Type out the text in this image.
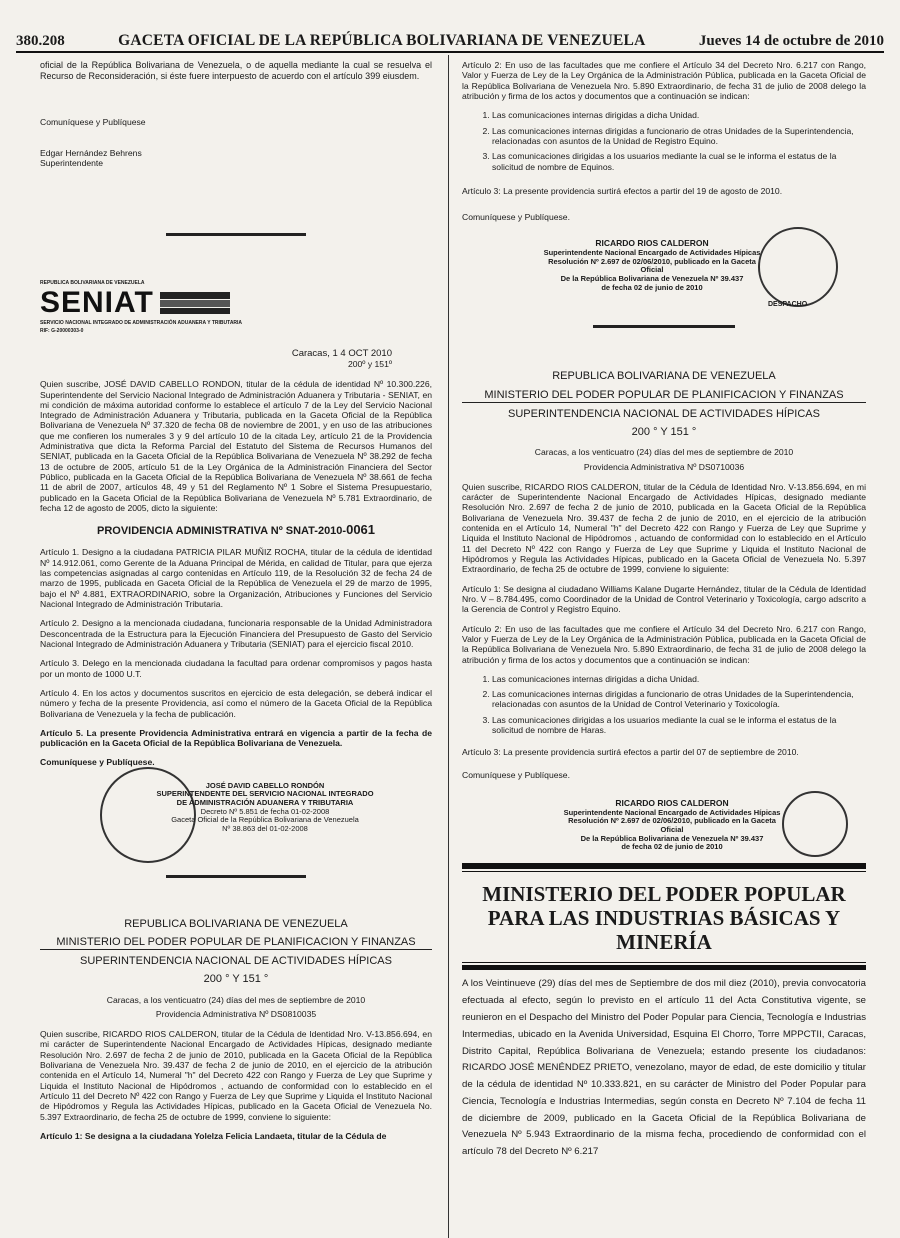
380.208	GACETA OFICIAL DE LA REPÚBLICA BOLIVARIANA DE VENEZUELA	Jueves 14 de octubre de 2010

oficial de la República Bolivariana de Venezuela, o de aquella mediante la cual se resuelva el Recurso de Reconsideración, si éste fuere interpuesto de acuerdo con el artículo 399 eiusdem.

Comuníquese y Publíquese

Edgar Hernández Behrens
Superintendente
REPUBLICA BOLIVARIANA DE VENEZUELA
SENIAT
SERVICIO NACIONAL INTEGRADO DE ADMINISTRACIÓN ADUANERA Y TRIBUTARIA
RIF: G-20000303-0
Caracas, 1 4 OCT 2010
200º y 151º

Quien suscribe, JOSÉ DAVID CABELLO RONDON, titular de la cédula de identidad Nº 10.300.226, Superintendente del Servicio Nacional Integrado de Administración Aduanera y Tributaria - SENIAT, en mi condición de máxima autoridad conforme lo establece el artículo 7 de la Ley del Servicio Nacional Integrado de Administración Aduanera y Tributaria, publicada en la Gaceta Oficial de la República Bolivariana de Venezuela Nº 37.320 de fecha 08 de noviembre de 2001, y en uso de las atribuciones que me confieren los numerales 3 y 9 del artículo 10 de la citada Ley, artículo 21 de la Providencia Administrativa que dicta la Reforma Parcial del Estatuto del Sistema de Recursos Humanos del SENIAT, publicada en la Gaceta Oficial de la República Bolivariana de Venezuela Nº 38.292 de fecha 13 de octubre de 2005, artículo 51 de la Ley Orgánica de la Administración Financiera del Sector Público, publicada en la Gaceta Oficial de la República Bolivariana de Venezuela Nº 38.661 de fecha 11 de abril de 2007, artículos 48, 49 y 51 del Reglamento Nº 1 Sobre el Sistema Presupuestario, publicado en la Gaceta Oficial de la República Bolivariana de Venezuela Nº 5.781 Extraordinario, de fecha 12 de agosto de 2005, dicto la siguiente:

PROVIDENCIA ADMINISTRATIVA Nº SNAT-2010-0061

Artículo 1. Designo a la ciudadana PATRICIA PILAR MUÑIZ ROCHA, titular de la cédula de identidad Nº 14.912.061, como Gerente de la Aduana Principal de Mérida, en calidad de Titular, para que ejerza las competencias asignadas al cargo contenidas en Artículo 119, de la Resolución 32 de fecha 24 de marzo de 1995, publicada en Gaceta Oficial de la República de Venezuela el 29 de marzo de 1995, bajo el Nº 4.881, EXTRAORDINARIO, sobre la Organización, Atribuciones y Funciones del Servicio Nacional Integrado de Administración Tributaria.

Artículo 2. Designo a la mencionada ciudadana, funcionaria responsable de la Unidad Administradora Desconcentrada de la Estructura para la Ejecución Financiera del Presupuesto de Gasto del Servicio Nacional Integrado de Administración Aduanera y Tributaria (SENIAT) para el ejercicio fiscal 2010.

Artículo 3. Delego en la mencionada ciudadana la facultad para ordenar compromisos y pagos hasta por un monto de 1000 U.T.

Artículo 4. En los actos y documentos suscritos en ejercicio de esta delegación, se deberá indicar el número y fecha de la presente Providencia, así como el número de la Gaceta Oficial de la República Bolivariana de Venezuela y la fecha de publicación.

Artículo 5. La presente Providencia Administrativa entrará en vigencia a partir de la fecha de publicación en la Gaceta Oficial de la República Bolivariana de Venezuela.

Comuníquese y Publíquese.

JOSÉ DAVID CABELLO RONDÓN
SUPERINTENDENTE DEL SERVICIO NACIONAL INTEGRADO
DE ADMINISTRACIÓN ADUANERA Y TRIBUTARIA
Decreto Nº 5.851 de fecha 01-02-2008
Gaceta Oficial de la República Bolivariana de Venezuela
Nº 38.863 del 01-02-2008
REPUBLICA BOLIVARIANA DE VENEZUELA
MINISTERIO DEL PODER POPULAR DE PLANIFICACION Y FINANZAS
SUPERINTENDENCIA NACIONAL DE ACTIVIDADES HÍPICAS
200 ° Y 151 °
Caracas, a los venticuatro (24) días del mes de septiembre de 2010
Providencia Administrativa Nº DS0810035

Quien suscribe, RICARDO RIOS CALDERON, titular de la Cédula de Identidad Nro. V-13.856.694, en mi carácter de Superintendente Nacional Encargado de Actividades Hípicas, designado mediante Resolución Nro. 2.697 de fecha 2 de junio de 2010, publicada en la Gaceta Oficial de la República Bolivariana de Venezuela Nro. 39.437 de fecha 2 de junio de 2010, en el ejercicio de la atribución contenida en el Artículo 14, Numeral "h" del Decreto 422 con Rango y Fuerza de Ley que Suprime y Liquida el Instituto Nacional de Hipódromos , actuando de conformidad con lo establecido en el Artículo 11 del Decreto Nº 422 con Rango y Fuerza de Ley que Suprime y Liquida el Instituto Nacional de Hipódromos y Regula las Actividades Hípicas, publicado en la Gaceta Oficial de Venezuela No. 5.397 Extraordinario, de fecha 25 de octubre de 1999, conviene lo siguiente:

Artículo 1: Se designa a la ciudadana Yolelza Felicia Landaeta, titular de la Cédula de

Artículo 2: En uso de las facultades que me confiere el Artículo 34 del Decreto Nro. 6.217 con Rango, Valor y Fuerza de Ley de la Ley Orgánica de la Administración Pública, publicada en la Gaceta Oficial de la República Bolivariana de Venezuela Nro. 5.890 Extraordinario, de fecha 31 de julio de 2008 delego la atribución y firma de los actos y documentos que a continuación se indican:

1. Las comunicaciones internas dirigidas a dicha Unidad.
2. Las comunicaciones internas dirigidas a funcionario de otras Unidades de la Superintendencia, relacionadas con asuntos de la Unidad de Registro Equino.
3. Las comunicaciones dirigidas a los usuarios mediante la cual se le informa el estatus de la solicitud de nombre de Equinos.

Artículo 3: La presente providencia surtirá efectos a partir del 19 de agosto de 2010.

Comuníquese y Publíquese.

RICARDO RIOS CALDERON
Superintendente Nacional Encargado de Actividades Hípicas
Resolución Nº 2.697 de 02/06/2010, publicado en la Gaceta Oficial
De la República Bolivariana de Venezuela Nº 39.437
de fecha 02 de junio de 2010
DESPACHO
REPUBLICA BOLIVARIANA DE VENEZUELA
MINISTERIO DEL PODER POPULAR DE PLANIFICACION Y FINANZAS
SUPERINTENDENCIA NACIONAL DE ACTIVIDADES HÍPICAS
200 ° Y 151 °
Caracas, a los venticuatro (24) días del mes de septiembre de 2010
Providencia Administrativa Nº DS0710036

Quien suscribe, RICARDO RIOS CALDERON, titular de la Cédula de Identidad Nro. V-13.856.694, en mi carácter de Superintendente Nacional Encargado de Actividades Hípicas, designado mediante Resolución Nro. 2.697 de fecha 2 de junio de 2010, publicada en la Gaceta Oficial de la República Bolivariana de Venezuela Nro. 39.437 de fecha 2 de junio de 2010, en el ejercicio de la atribución contenida en el Artículo 14, Numeral "h" del Decreto 422 con Rango y Fuerza de Ley que Suprime y Liquida el Instituto Nacional de Hipódromos , actuando de conformidad con lo establecido en el Artículo 11 del Decreto Nº 422 con Rango y Fuerza de Ley que Suprime y Liquida el Instituto Nacional de Hipódromos y Regula las Actividades Hípicas, publicado en la Gaceta Oficial de Venezuela No. 5.397 Extraordinario, de fecha 25 de octubre de 1999, conviene lo siguiente:

Artículo 1: Se designa al ciudadano Williams Kalane Dugarte Hernández, titular de la Cédula de Identidad Nro. V – 8.784.495, como Coordinador de la Unidad de Control Veterinario y Toxicología, cargo adscrito a la Gerencia de Control y Registro Equino.

Artículo 2: En uso de las facultades que me confiere el Artículo 34 del Decreto Nro. 6.217 con Rango, Valor y Fuerza de Ley de la Ley Orgánica de la Administración Pública, publicada en la Gaceta Oficial de la República Bolivariana de Venezuela Nro. 5.890 Extraordinario, de fecha 31 de julio de 2008 delego la atribución y firma de los actos y documentos que a continuación se indican:

1. Las comunicaciones internas dirigidas a dicha Unidad.
2. Las comunicaciones internas dirigidas a funcionario de otras Unidades de la Superintendencia, relacionadas con asuntos de la Unidad de Control Veterinario y Toxicología.
3. Las comunicaciones dirigidas a los usuarios mediante la cual se le informa el estatus de la solicitud de nombre de Haras.

Artículo 3: La presente providencia surtirá efectos a partir del 07 de septiembre de 2010.

Comuníquese y Publíquese.

RICARDO RIOS CALDERON
Superintendente Nacional Encargado de Actividades Hípicas
Resolución Nº 2.697 de 02/06/2010, publicado en la Gaceta Oficial
De la República Bolivariana de Venezuela Nº 39.437
de fecha 02 de junio de 2010
MINISTERIO DEL PODER POPULAR PARA LAS INDUSTRIAS BÁSICAS Y MINERÍA
A los Veintinueve (29) días del mes de Septiembre de dos mil diez (2010), previa convocatoria efectuada al efecto, según lo previsto en el artículo 11 del Acta Constitutiva vigente, se reunieron en el Despacho del Ministro del Poder Popular para Ciencia, Tecnología e Industrias Intermedias, ubicado en la Avenida Universidad, Esquina El Chorro, Torre MPPCTII, Caracas, Distrito Capital, República Bolivariana de Venezuela; estando presente los ciudadanos: RICARDO JOSÉ MENÉNDEZ PRIETO, venezolano, mayor de edad, de este domicilio y titular de la cédula de identidad Nº 10.333.821, en su carácter de Ministro del Poder Popular para Ciencia, Tecnología e Industrias Intermedias, según consta en Decreto Nº 7.104 de fecha 11 de diciembre de 2009, publicado en la Gaceta Oficial de la República Bolivariana de Venezuela Nº 5.943 Extraordinario de la misma fecha, procediendo de conformidad con el artículo 78 del Decreto Nº 6.217
